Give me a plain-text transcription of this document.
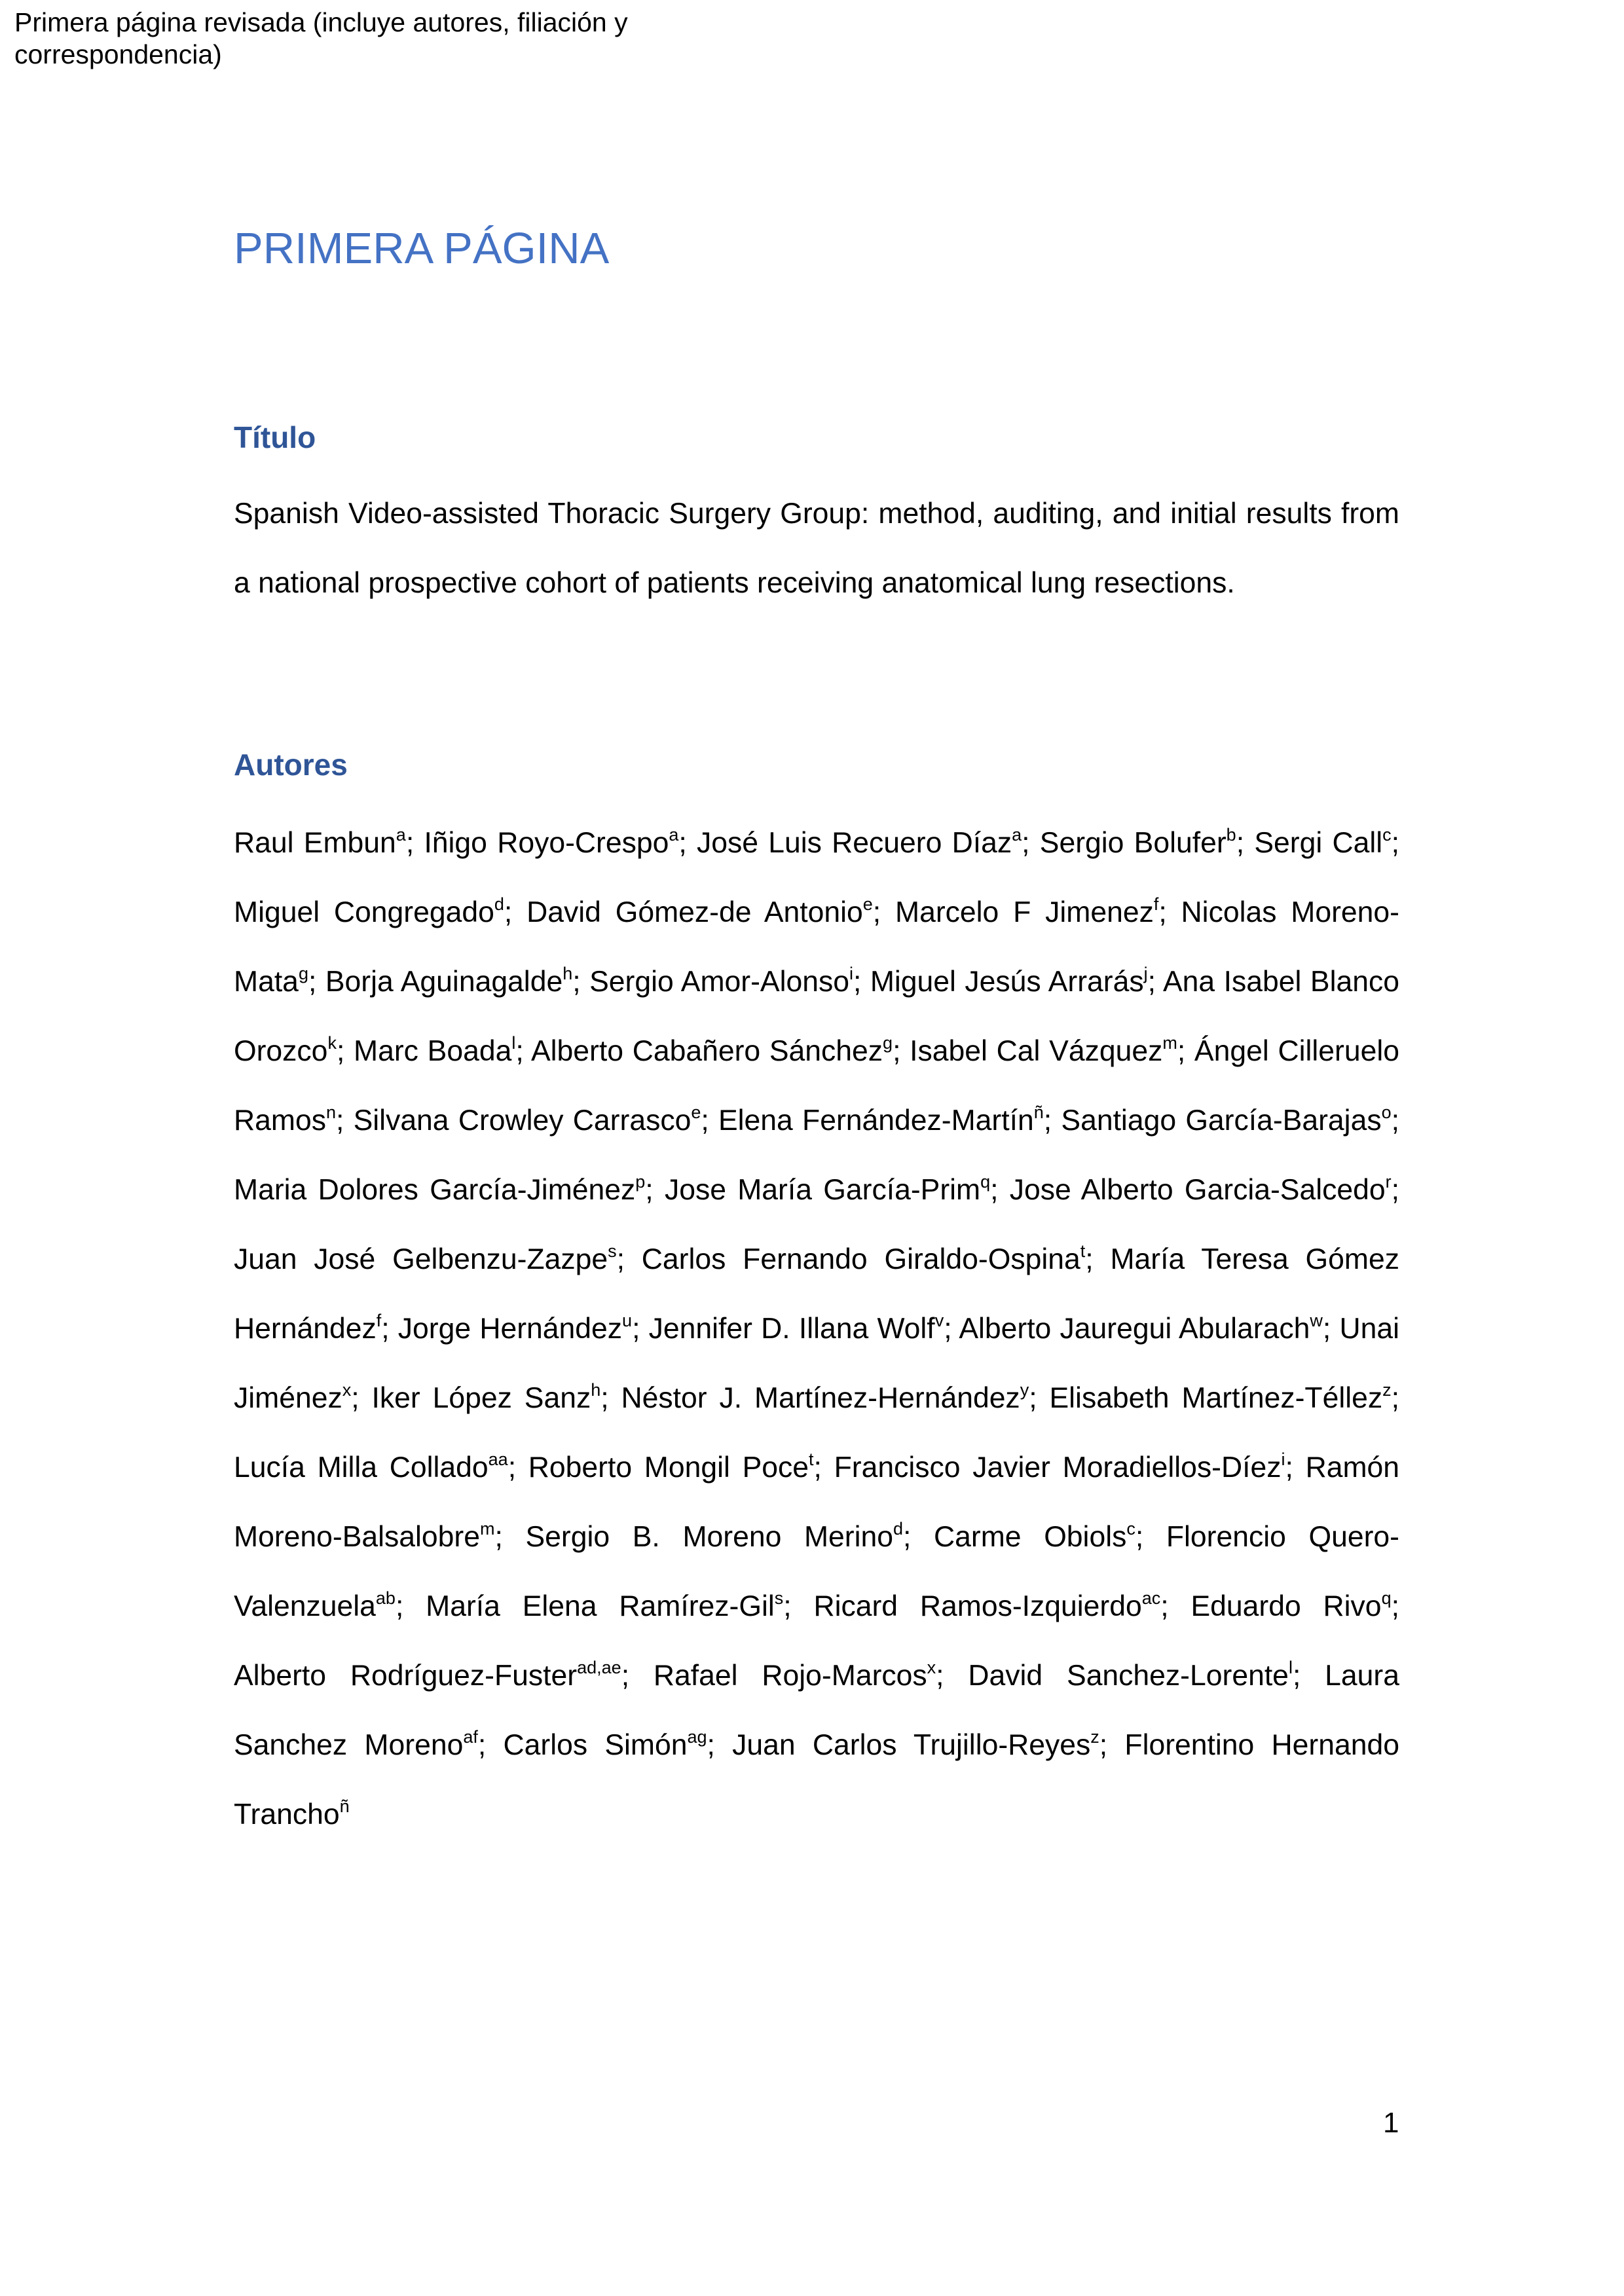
Primera página revisada (incluye autores, filiación y correspondencia)
PRIMERA PÁGINA
Título

Spanish Video-assisted Thoracic Surgery Group: method, auditing, and initial results from a national prospective cohort of patients receiving anatomical lung resections.

Autores

Raul Embun$^a$; Iñigo Royo-Crespo$^a$; José Luis Recuero Díaz$^a$; Sergio Bolufer$^b$; Sergi Call$^c$; Miguel Congregado$^d$; David Gómez-de Antonio$^e$; Marcelo F Jimenez$^f$; Nicolas Moreno-Mata$^g$; Borja Aguinagalde$^h$; Sergio Amor-Alonso$^i$; Miguel Jesús Arrarás$^j$; Ana Isabel Blanco Orozco$^k$; Marc Boada$^l$; Alberto Cabañero Sánchez$^g$; Isabel Cal Vázquez$^m$; Ángel Cilleruelo Ramos$^n$; Silvana Crowley Carrasco$^e$; Elena Fernández-Martín$^ñ$; Santiago García-Barajas$^o$; Maria Dolores García-Jiménez$^p$; Jose María García-Prim$^q$; Jose Alberto Garcia-Salcedo$^r$; Juan José Gelbenzu-Zazpe$^s$; Carlos Fernando Giraldo-Ospina$^t$; María Teresa Gómez Hernández$^f$; Jorge Hernández$^u$; Jennifer D. Illana Wolf$^v$; Alberto Jauregui Abularach$^w$; Unai Jiménez$^x$; Iker López Sanz$^h$; Néstor J. Martínez-Hernández$^y$; Elisabeth Martínez-Téllez$^z$; Lucía Milla Collado$^{aa}$; Roberto Mongil Poce$^t$; Francisco Javier Moradiellos-Díez$^i$; Ramón Moreno-Balsalobre$^m$; Sergio B. Moreno Merino$^d$; Carme Obiols$^c$; Florencio Quero-Valenzuela$^{ab}$; María Elena Ramírez-Gil$^s$; Ricard Ramos-Izquierdo$^{ac}$; Eduardo Rivo$^q$; Alberto Rodríguez-Fuster$^{ad,ae}$; Rafael Rojo-Marcos$^x$; David Sanchez-Lorente$^l$; Laura Sanchez Moreno$^{af}$; Carlos Simón$^{ag}$; Juan Carlos Trujillo-Reyes$^z$; Florentino Hernando Trancho$^ñ$

1
